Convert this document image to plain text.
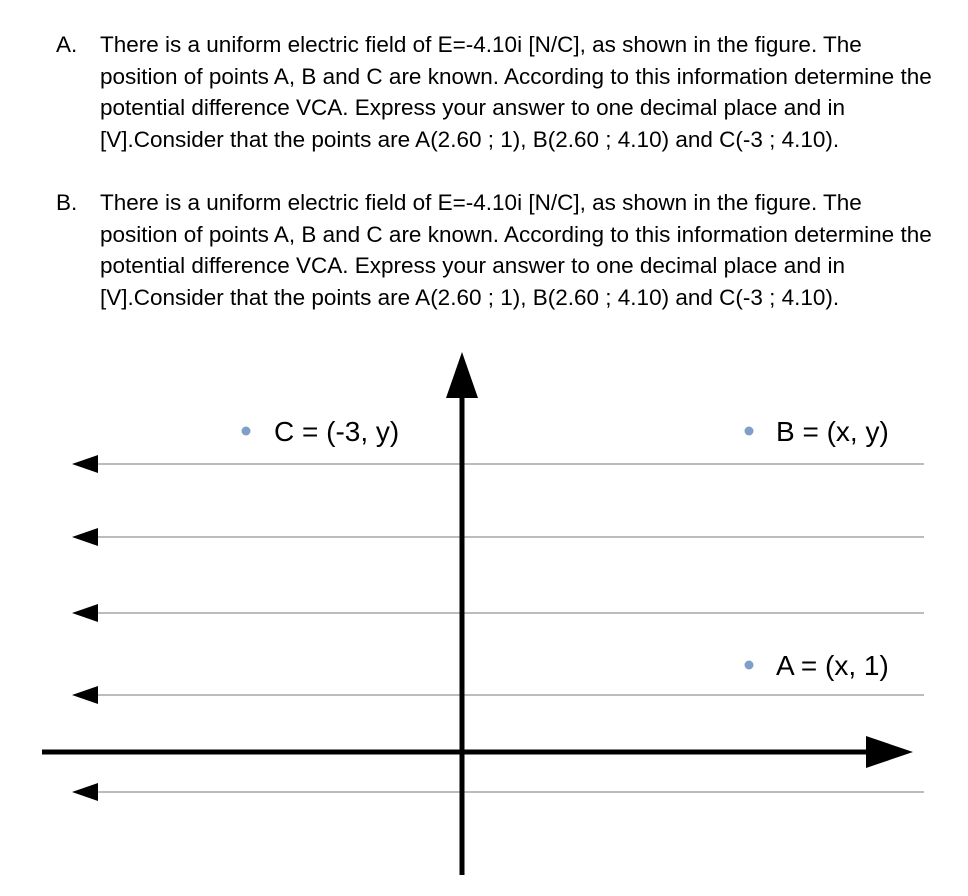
A. There is a uniform electric field of E=-4.10i [N/C], as shown in the figure. The position of points A, B and C are known. According to this information determine the potential difference VCA. Express your answer to one decimal place and in [V].Consider that the points are A(2.60 ; 1), B(2.60 ; 4.10) and C(-3 ; 4.10).
B. There is a uniform electric field of E=-4.10i [N/C], as shown in the figure. The position of points A, B and C are known. According to this information determine the potential difference VCA. Express your answer to one decimal place and in [V].Consider that the points are A(2.60 ; 1), B(2.60 ; 4.10) and C(-3 ; 4.10).
C = (-3, y)	B = (x, y)
A = (x, 1)
